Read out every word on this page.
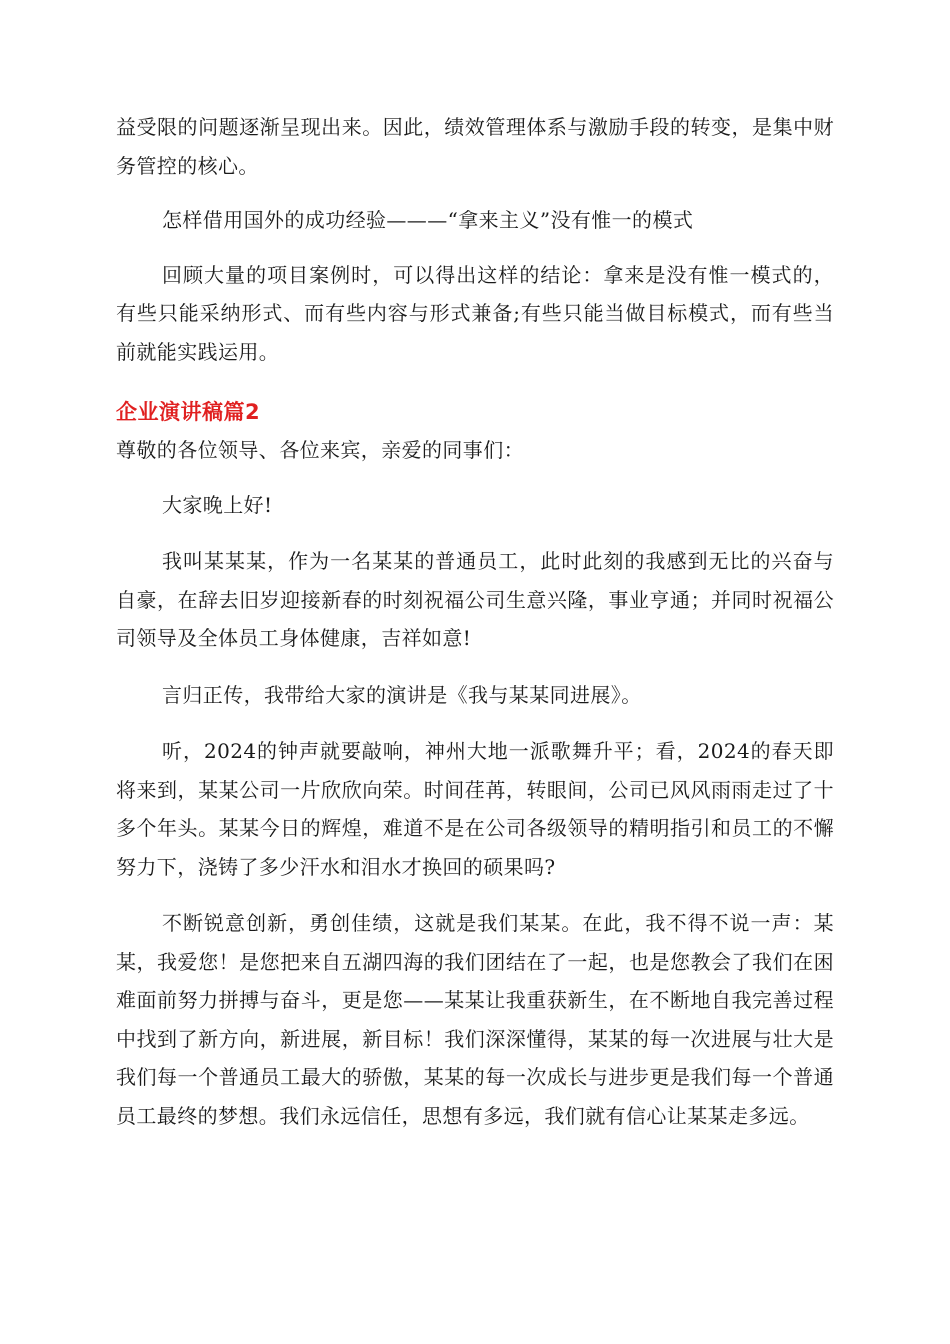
益受限的问题逐渐呈现出来。因此，绩效管理体系与激励手段的转变，是集中财务管控的核心。

怎样借用国外的成功经验———“拿来主义”没有惟一的模式

回顾大量的项目案例时，可以得出这样的结论：拿来是没有惟一模式的，有些只能采纳形式、而有些内容与形式兼备;有些只能当做目标模式，而有些当前就能实践运用。

企业演讲稿篇2

尊敬的各位领导、各位来宾，亲爱的同事们：

大家晚上好!

我叫某某某，作为一名某某的普通员工，此时此刻的我感到无比的兴奋与自豪，在辞去旧岁迎接新春的时刻祝福公司生意兴隆，事业亨通；并同时祝福公司领导及全体员工身体健康，吉祥如意!

言归正传，我带给大家的演讲是《我与某某同进展》。

听，2024的钟声就要敲响，神州大地一派歌舞升平；看，2024的春天即将来到，某某公司一片欣欣向荣。时间荏苒，转眼间，公司已风风雨雨走过了十多个年头。某某今日的辉煌，难道不是在公司各级领导的精明指引和员工的不懈努力下，浇铸了多少汗水和泪水才换回的硕果吗?

不断锐意创新，勇创佳绩，这就是我们某某。在此，我不得不说一声：某某，我爱您！是您把来自五湖四海的我们团结在了一起，也是您教会了我们在困难面前努力拼搏与奋斗，更是您——某某让我重获新生，在不断地自我完善过程中找到了新方向，新进展，新目标！我们深深懂得，某某的每一次进展与壮大是我们每一个普通员工最大的骄傲，某某的每一次成长与进步更是我们每一个普通员工最终的梦想。我们永远信任，思想有多远，我们就有信心让某某走多远。
